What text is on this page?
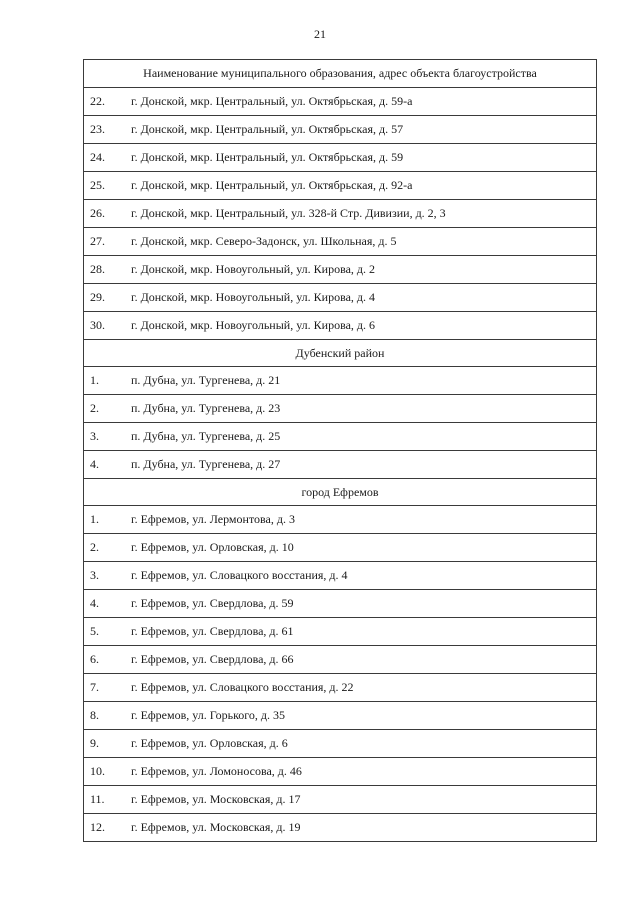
21
Наименование муниципального образования, адрес объекта благоустройства
22.	г. Донской, мкр. Центральный, ул. Октябрьская, д. 59-а
23.	г. Донской, мкр. Центральный, ул. Октябрьская, д. 57
24.	г. Донской, мкр. Центральный, ул. Октябрьская, д. 59
25.	г. Донской, мкр. Центральный, ул. Октябрьская, д. 92-а
26.	г. Донской, мкр. Центральный, ул. 328-й Стр. Дивизии, д. 2, 3
27.	г. Донской, мкр. Северо-Задонск, ул. Школьная, д. 5
28.	г. Донской, мкр. Новоугольный, ул. Кирова, д. 2
29.	г. Донской, мкр. Новоугольный, ул. Кирова, д. 4
30.	г. Донской, мкр. Новоугольный, ул. Кирова, д. 6
Дубенский район
1.	п. Дубна, ул. Тургенева, д. 21
2.	п. Дубна, ул. Тургенева, д. 23
3.	п. Дубна, ул. Тургенева, д. 25
4.	п. Дубна, ул. Тургенева, д. 27
город Ефремов
1.	г. Ефремов, ул. Лермонтова, д. 3
2.	г. Ефремов, ул. Орловская, д. 10
3.	г. Ефремов, ул. Словацкого восстания, д. 4
4.	г. Ефремов, ул. Свердлова, д. 59
5.	г. Ефремов, ул. Свердлова, д. 61
6.	г. Ефремов, ул. Свердлова, д. 66
7.	г. Ефремов, ул. Словацкого восстания, д. 22
8.	г. Ефремов, ул. Горького, д. 35
9.	г. Ефремов, ул. Орловская, д. 6
10.	г. Ефремов, ул. Ломоносова, д. 46
11.	г. Ефремов, ул. Московская, д. 17
12.	г. Ефремов, ул. Московская, д. 19
